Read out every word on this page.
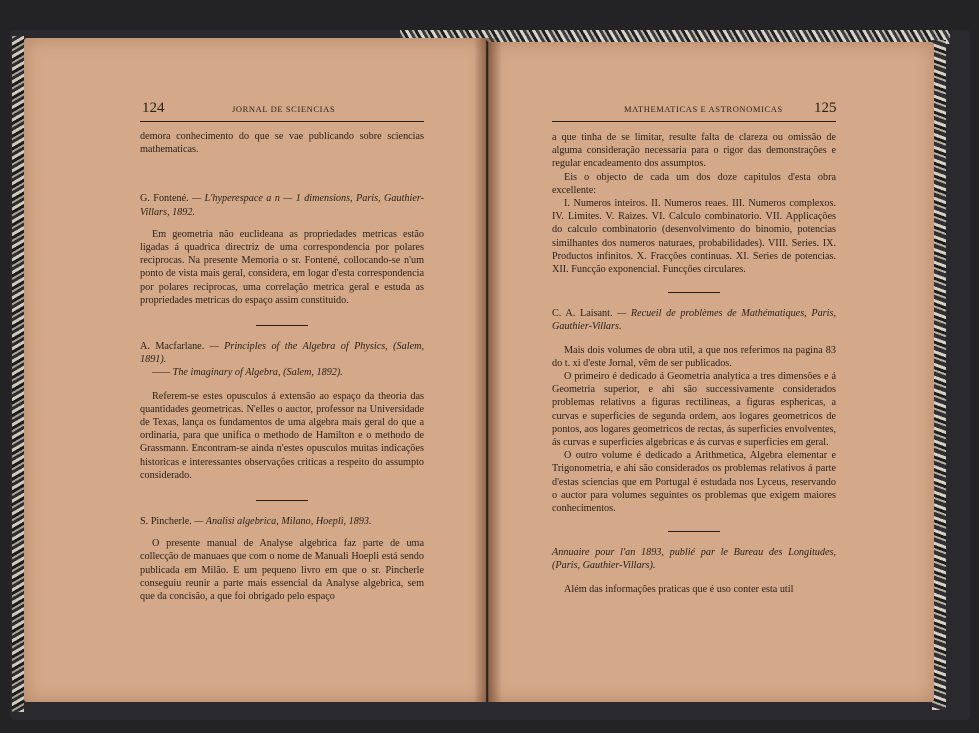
124	JORNAL DE SCIENCIAS

demora conhecimento do que se vae publicando sobre sciencias mathematicas.

G. Fontené. — L'hyperespace a n — 1 dimensions, Paris, Gauthier-Villars, 1892.

Em geometria não euclideana as propriedades metricas estão ligadas á quadrica directriz de uma correspondencia por polares reciprocas. Na presente Memoria o sr. Fontené, collocando-se n'um ponto de vista mais geral, considera, em logar d'esta correspondencia por polares reciprocas, uma correlação metrica geral e estuda as propriedades metricas do espaço assim constituido.

A. Macfarlane. — Principles of the Algebra of Physics, (Salem, 1891).

—— The imaginary of Algebra, (Salem, 1892).

Referem-se estes opusculos á extensão ao espaço da theoria das quantidades geometricas. N'elles o auctor, professor na Universidade de Texas, lança os fundamentos de uma algebra mais geral do que a ordinaria, para que unifica o methodo de Hamilton e o methodo de Grassmann. Encontram-se ainda n'estes opusculos muitas indicações historicas e interessantes observações criticas a respeito do assumpto considerado.

S. Pincherle. — Analisi algebrica, Milano, Hoepli, 1893.

O presente manual de Analyse algebrica faz parte de uma collecção de manuaes que com o nome de Manuali Hoepli está sendo publicada em Milão. E um pequeno livro em que o sr. Pincherle conseguiu reunir a parte mais essencial da Analyse algebrica, sem que da concisão, a que foi obrigado pelo espaço

MATHEMATICAS E ASTRONOMICAS 125

a que tinha de se limitar, resulte falta de clareza ou omissão de alguma consideração necessaria para o rigor das demonstrações e regular encadeamento dos assumptos.

Eis o objecto de cada um dos doze capitulos d'esta obra excellente:

I. Numeros inteiros. II. Numeros reaes. III. Numeros complexos. IV. Limites. V. Raizes. VI. Calculo combinatorio. VII. Applicações do calculo combinatorio (desenvolvimento do binomio, potencias similhantes dos numeros naturaes, probabilidades). VIII. Series. IX. Productos infinitos. X. Fracções continuas. XI. Series de potencias. XII. Funcção exponencial. Funcções circulares.

C. A. Laisant. — Recueil de problèmes de Mathématiques, Paris, Gauthier-Villars.

Mais dois volumes de obra util, a que nos referimos na pagina 83 do t. xi d'este Jornal, vêm de ser publicados.

O primeiro é dedicado á Geometria analytica a tres dimensões e á Geometria superior, e ahi são successivamente considerados problemas relativos a figuras rectilineas, a figuras esphericas, a curvas e superficies de segunda ordem, aos logares geometricos de pontos, aos logares geometricos de rectas, ás superficies envolventes, ás curvas e superficies algebricas e ás curvas e superficies em geral.

O outro volume é dedicado a Arithmetica, Algebra elementar e Trigonometria, e ahi são considerados os problemas relativos á parte d'estas sciencias que em Portugal é estudada nos Lyceus, reservando o auctor para volumes seguintes os problemas que exigem maiores conhecimentos.

Annuaire pour l'an 1893, publié par le Bureau des Longitudes, (Paris, Gauthier-Villars).

Além das informações praticas que é uso conter esta util
